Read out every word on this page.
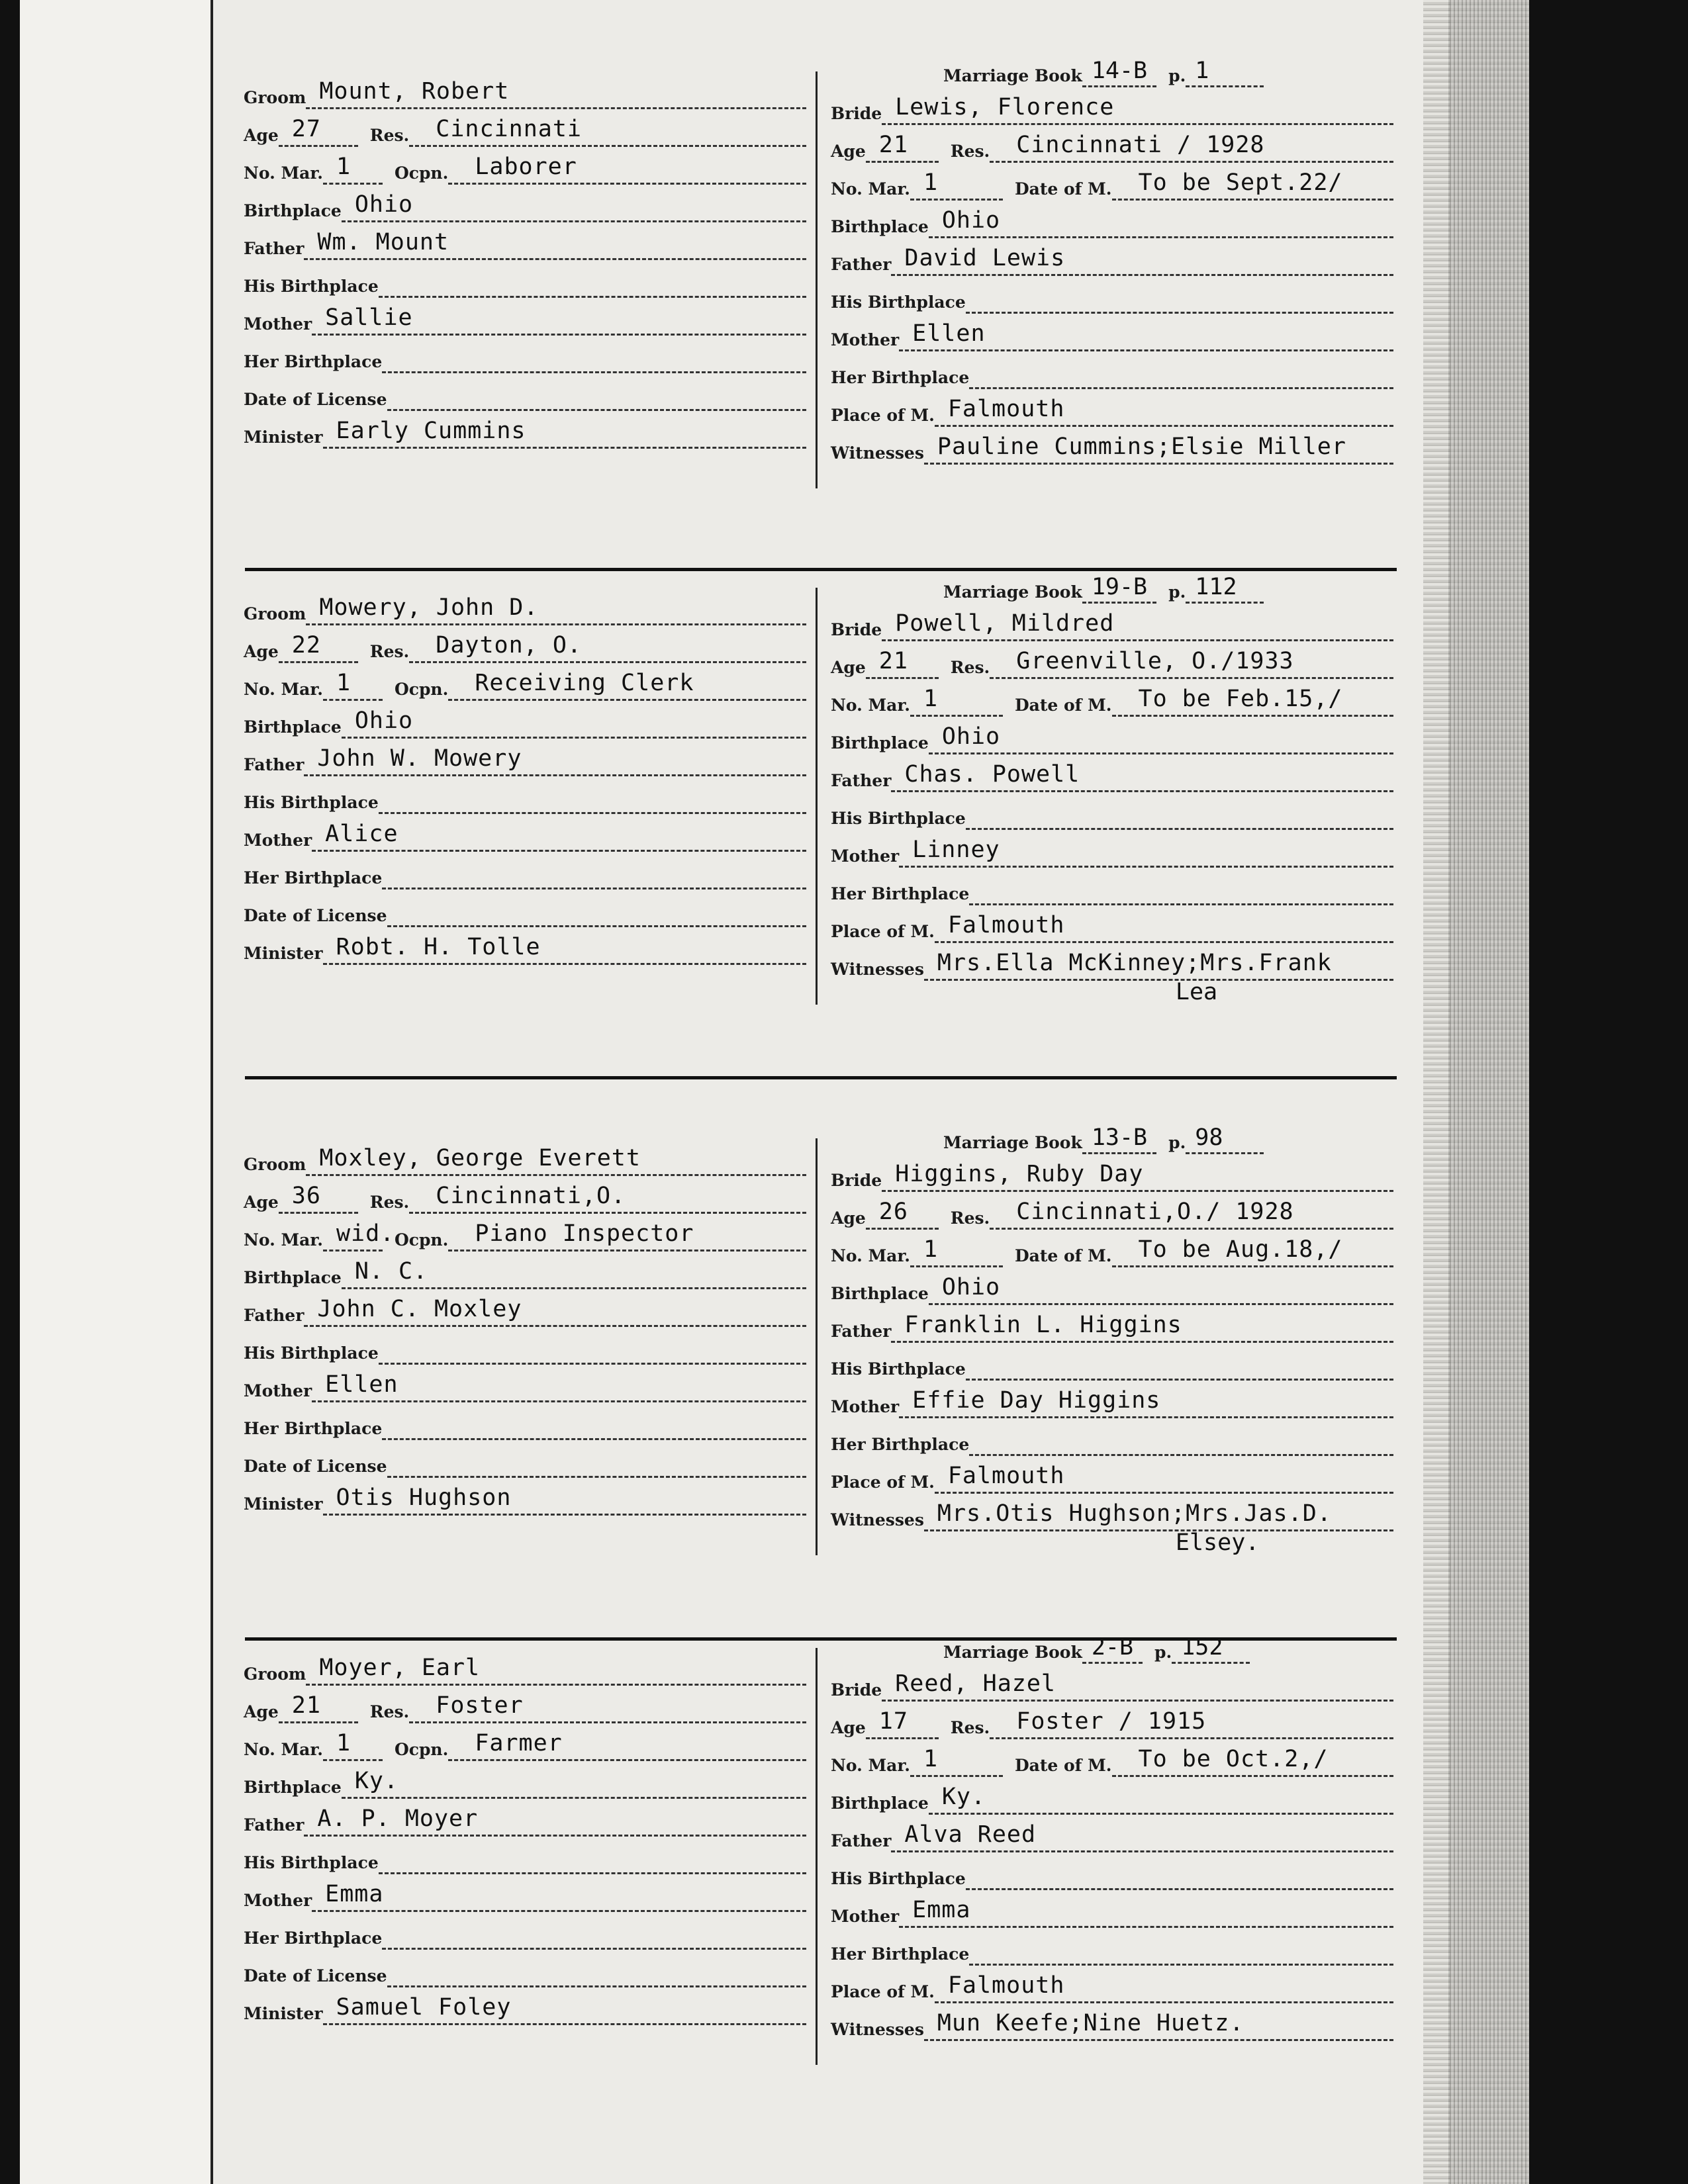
Groom Mount, Robert
Age 27	Res. Cincinnati
No. Mar. 1	Ocpn. Laborer
Birthplace Ohio
Father Wm. Mount
His Birthplace
Mother Sallie
Her Birthplace
Date of License
Minister Early Cummins
Marriage Book 14-B	p. 1
Bride Lewis, Florence
Age 21	Res. Cincinnati / 1928
No. Mar. 1	Date of M. To be Sept.22/
Birthplace Ohio
Father David Lewis
His Birthplace
Mother Ellen
Her Birthplace
Place of M. Falmouth
Witnesses Pauline Cummins;Elsie Miller
Groom Mowery, John D.
Age 22	Res. Dayton, O.
No. Mar. 1	Ocpn. Receiving Clerk
Birthplace Ohio
Father John W. Mowery
His Birthplace
Mother Alice
Her Birthplace
Date of License
Minister Robt. H. Tolle
Marriage Book 19-B	p. 112
Bride Powell, Mildred
Age 21	Res. Greenville, O./1933
No. Mar. 1	Date of M. To be Feb.15,/
Birthplace Ohio
Father Chas. Powell
His Birthplace
Mother Linney
Her Birthplace
Place of M. Falmouth
Witnesses Mrs.Ella McKinney;Mrs.Frank
Lea
Groom Moxley, George Everett
Age 36	Res. Cincinnati,O.
No. Mar. wid. Ocpn. Piano Inspector
Birthplace N. C.
Father John C. Moxley
His Birthplace
Mother Ellen
Her Birthplace
Date of License
Minister Otis Hughson
Marriage Book 13-B	p. 98
Bride Higgins, Ruby Day
Age 26	Res. Cincinnati,O./ 1928
No. Mar. 1	Date of M. To be Aug.18,/
Birthplace Ohio
Father Franklin L. Higgins
His Birthplace
Mother Effie Day Higgins
Her Birthplace
Place of M. Falmouth
Witnesses Mrs.Otis Hughson;Mrs.Jas.D.
Elsey.
Groom Moyer, Earl
Age 21	Res. Foster
No. Mar. 1	Ocpn. Farmer
Birthplace Ky.
Father A. P. Moyer
His Birthplace
Mother Emma
Her Birthplace
Date of License
Minister Samuel Foley
Marriage Book 2-B	p. 152
Bride Reed, Hazel
Age 17	Res. Foster / 1915
No. Mar. 1	Date of M. To be Oct.2,/
Birthplace Ky.
Father Alva Reed
His Birthplace
Mother Emma
Her Birthplace
Place of M. Falmouth
Witnesses Mun Keefe;Nine Huetz.
